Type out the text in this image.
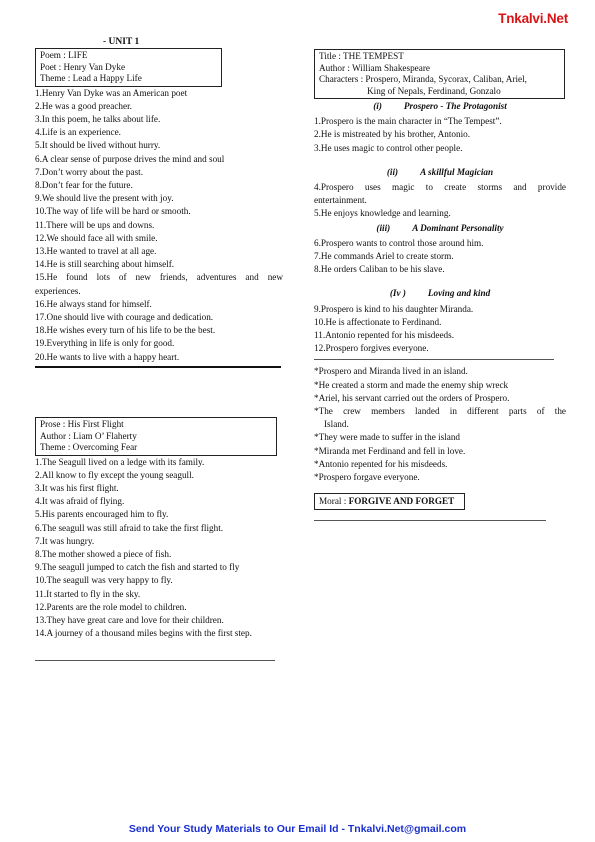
Tnkalvi.Net
- UNIT 1
Poem : LIFE
Poet : Henry Van Dyke
Theme : Lead a Happy Life
1.Henry Van Dyke was an American poet
2.He was a good preacher.
3.In this poem, he talks about life.
4.Life is an experience.
5.It should be lived without hurry.
6.A clear sense of purpose drives the mind and soul
7.Don’t worry about the past.
8.Don’t fear for the future.
9.We should live the present with joy.
10.The way of life will be hard or smooth.
11.There will be ups and downs.
12.We should face all with smile.
13.He wanted to travel at all age.
14.He is still searching about himself.
15.He found lots of new friends, adventures and new
experiences.
16.He always stand for himself.
17.One should live with courage and dedication.
18.He wishes every turn of his life to be the best.
19.Everything in life is only for good.
20.He wants to live with a happy heart.
Prose : His First Flight
Author : Liam O’ Flaherty
Theme : Overcoming Fear
1.The Seagull lived on a ledge with its family.
2.All know to fly except the young seagull.
3.It was his first flight.
4.It was afraid of flying.
5.His parents encouraged him to fly.
6.The seagull was still afraid to take the first flight.
7.It was hungry.
8.The mother showed a piece of fish.
9.The seagull jumped to catch the fish and started to fly
10.The seagull was very happy to fly.
11.It started to fly in the sky.
12.Parents are the role model to children.
13.They have great care and love for their children.
14.A journey of a thousand miles begins with the first step.
Title : THE TEMPEST
Author : William Shakespeare
Characters : Prospero, Miranda, Sycorax, Caliban, Ariel,
King of Nepals, Ferdinand, Gonzalo
(i) Prospero - The Protagonist
1.Prospero is the main character in “The Tempest”.
2.He is mistreated by his brother, Antonio.
3.He uses magic to control other people.
(ii) A skillful Magician
4.Prospero uses magic to create storms and provide
entertainment.
5.He enjoys knowledge and learning.
(iii) A Dominant Personality
6.Prospero wants to control those around him.
7.He commands Ariel to create storm.
8.He orders Caliban to be his slave.
(Iv ) Loving and kind
9.Prospero is kind to his daughter Miranda.
10.He is affectionate to Ferdinand.
11.Antonio repented for his misdeeds.
12.Prospero forgives everyone.
*Prospero and Miranda lived in an island.
*He created a storm and made the enemy ship wreck
*Ariel, his servant carried out the orders of Prospero.
*The crew members landed in different parts of the
Island.
*They were made to suffer in the island
*Miranda met Ferdinand and fell in love.
*Antonio repented for his misdeeds.
*Prospero forgave everyone.
Moral : FORGIVE AND FORGET
Send Your Study Materials to Our Email Id - Tnkalvi.Net@gmail.com
